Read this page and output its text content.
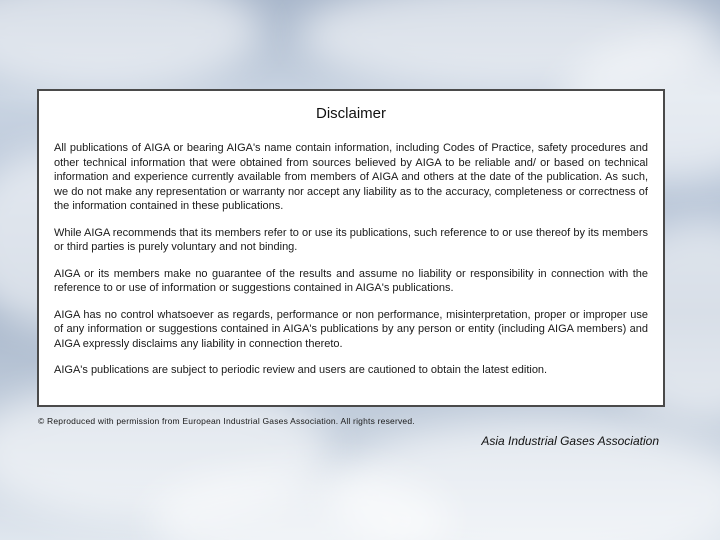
Disclaimer

All publications of AIGA or bearing AIGA's name contain information, including Codes of Practice, safety procedures and other technical information that were obtained from sources believed by AIGA to be reliable and/ or based on technical information and experience currently available from members of AIGA and others at the date of the publication. As such, we do not make any representation or warranty nor accept any liability as to the accuracy, completeness or correctness of the information contained in these publications.

While AIGA recommends that its members refer to or use its publications, such reference to or use thereof by its members or third parties is purely voluntary and not binding.

AIGA or its members make no guarantee of the results and assume no liability or responsibility in connection with the reference to or use of information or suggestions contained in AIGA's publications.

AIGA has no control whatsoever as regards, performance or non performance, misinterpretation, proper or improper use of any information or suggestions contained in AIGA's publications by any person or entity (including AIGA members) and AIGA expressly disclaims any liability in connection thereto.

AIGA's publications are subject to periodic review and users are cautioned to obtain the latest edition.

© Reproduced with permission from European Industrial Gases Association. All rights reserved.
Asia Industrial Gases Association
